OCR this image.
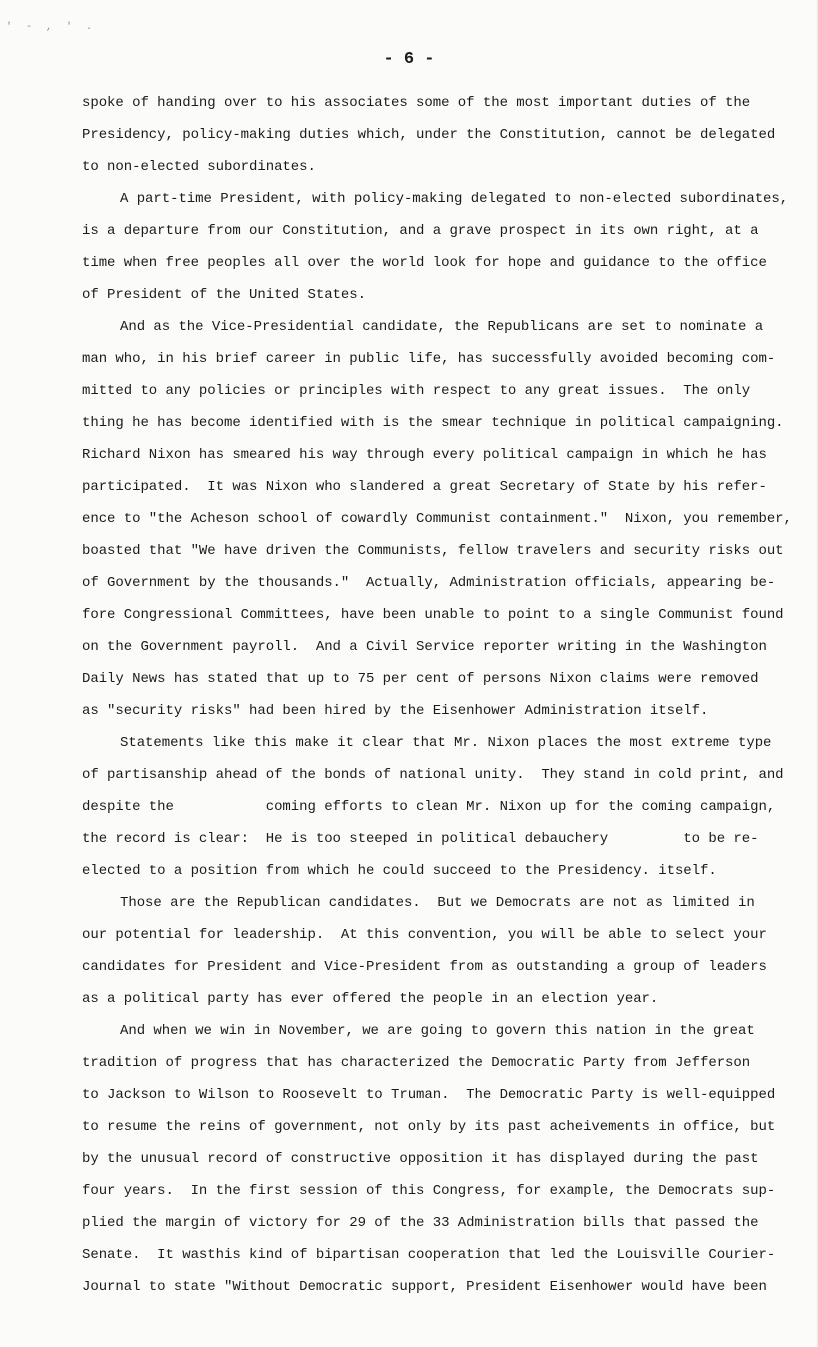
' - , ' .
- 6 -
spoke of handing over to his associates some of the most important duties of the
Presidency, policy-making duties which, under the Constitution, cannot be delegated
to non-elected subordinates.
A part-time President, with policy-making delegated to non-elected subordinates,
is a departure from our Constitution, and a grave prospect in its own right, at a
time when free peoples all over the world look for hope and guidance to the office
of President of the United States.
And as the Vice-Presidential candidate, the Republicans are set to nominate a
man who, in his brief career in public life, has successfully avoided becoming com-
mitted to any policies or principles with respect to any great issues.  The only
thing he has become identified with is the smear technique in political campaigning.
Richard Nixon has smeared his way through every political campaign in which he has
participated.  It was Nixon who slandered a great Secretary of State by his refer-
ence to "the Acheson school of cowardly Communist containment."  Nixon, you remember,
boasted that "We have driven the Communists, fellow travelers and security risks out
of Government by the thousands."  Actually, Administration officials, appearing be-
fore Congressional Committees, have been unable to point to a single Communist found
on the Government payroll.  And a Civil Service reporter writing in the Washington
Daily News has stated that up to 75 per cent of persons Nixon claims were removed
as "security risks" had been hired by the Eisenhower Administration itself.
Statements like this make it clear that Mr. Nixon places the most extreme type
of partisanship ahead of the bonds of national unity.  They stand in cold print, and
despite the           coming efforts to clean Mr. Nixon up for the coming campaign,
the record is clear:  He is too steeped in political debauchery         to be re-
elected to a position from which he could succeed to the Presidency. itself.
Those are the Republican candidates.  But we Democrats are not as limited in
our potential for leadership.  At this convention, you will be able to select your
candidates for President and Vice-President from as outstanding a group of leaders
as a political party has ever offered the people in an election year.
And when we win in November, we are going to govern this nation in the great
tradition of progress that has characterized the Democratic Party from Jefferson
to Jackson to Wilson to Roosevelt to Truman.  The Democratic Party is well-equipped
to resume the reins of government, not only by its past acheivements in office, but
by the unusual record of constructive opposition it has displayed during the past
four years.  In the first session of this Congress, for example, the Democrats sup-
plied the margin of victory for 29 of the 33 Administration bills that passed the
Senate.  It wasthis kind of bipartisan cooperation that led the Louisville Courier-
Journal to state "Without Democratic support, President Eisenhower would have been
